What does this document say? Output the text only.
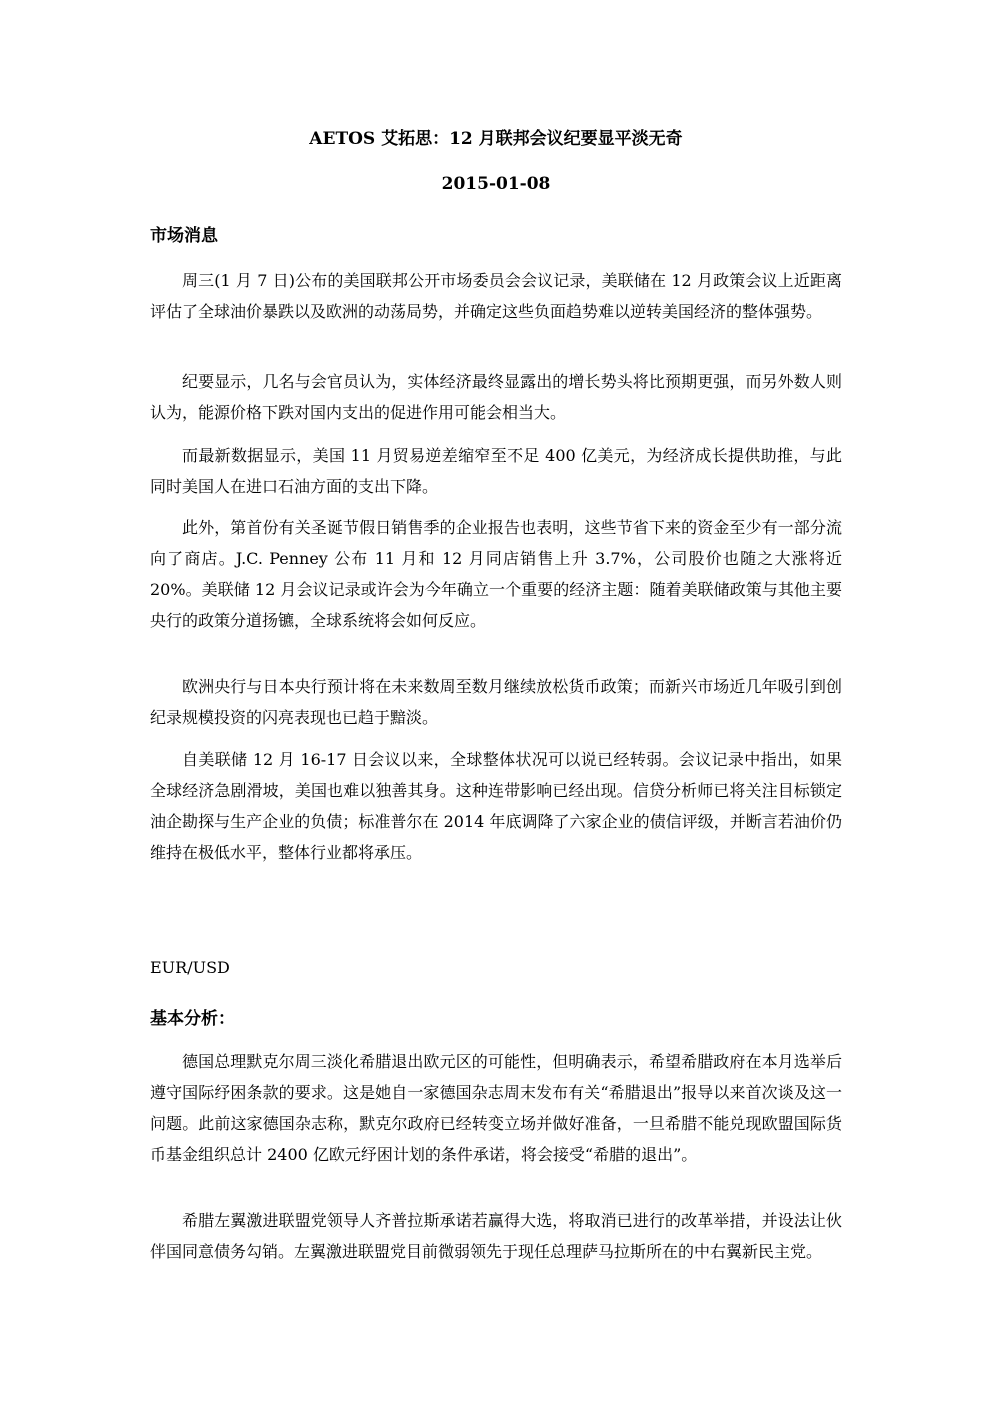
AETOS 艾拓思：12 月联邦会议纪要显平淡无奇
2015-01-08
市场消息

周三(1 月 7 日)公布的美国联邦公开市场委员会会议记录，美联储在 12 月政策会议上近距离评估了全球油价暴跌以及欧洲的动荡局势，并确定这些负面趋势难以逆转美国经济的整体强势。

纪要显示，几名与会官员认为，实体经济最终显露出的增长势头将比预期更强，而另外数人则认为，能源价格下跌对国内支出的促进作用可能会相当大。

而最新数据显示，美国 11 月贸易逆差缩窄至不足 400 亿美元，为经济成长提供助推，与此同时美国人在进口石油方面的支出下降。

此外，第首份有关圣诞节假日销售季的企业报告也表明，这些节省下来的资金至少有一部分流向了商店。J.C. Penney 公布 11 月和 12 月同店销售上升 3.7%，公司股价也随之大涨将近 20%。美联储 12 月会议记录或许会为今年确立一个重要的经济主题：随着美联储政策与其他主要央行的政策分道扬镳，全球系统将会如何反应。

欧洲央行与日本央行预计将在未来数周至数月继续放松货币政策；而新兴市场近几年吸引到创纪录规模投资的闪亮表现也已趋于黯淡。

自美联储 12 月 16-17 日会议以来，全球整体状况可以说已经转弱。会议记录中指出，如果全球经济急剧滑坡，美国也难以独善其身。这种连带影响已经出现。信贷分析师已将关注目标锁定油企勘探与生产企业的负债；标准普尔在 2014 年底调降了六家企业的债信评级，并断言若油价仍维持在极低水平，整体行业都将承压。

EUR/USD
基本分析：

德国总理默克尔周三淡化希腊退出欧元区的可能性，但明确表示，希望希腊政府在本月选举后遵守国际纾困条款的要求。这是她自一家德国杂志周末发布有关“希腊退出”报导以来首次谈及这一问题。此前这家德国杂志称，默克尔政府已经转变立场并做好准备，一旦希腊不能兑现欧盟国际货币基金组织总计 2400 亿欧元纾困计划的条件承诺，将会接受“希腊的退出”。

希腊左翼激进联盟党领导人齐普拉斯承诺若赢得大选，将取消已进行的改革举措，并设法让伙伴国同意债务勾销。左翼激进联盟党目前微弱领先于现任总理萨马拉斯所在的中右翼新民主党。
